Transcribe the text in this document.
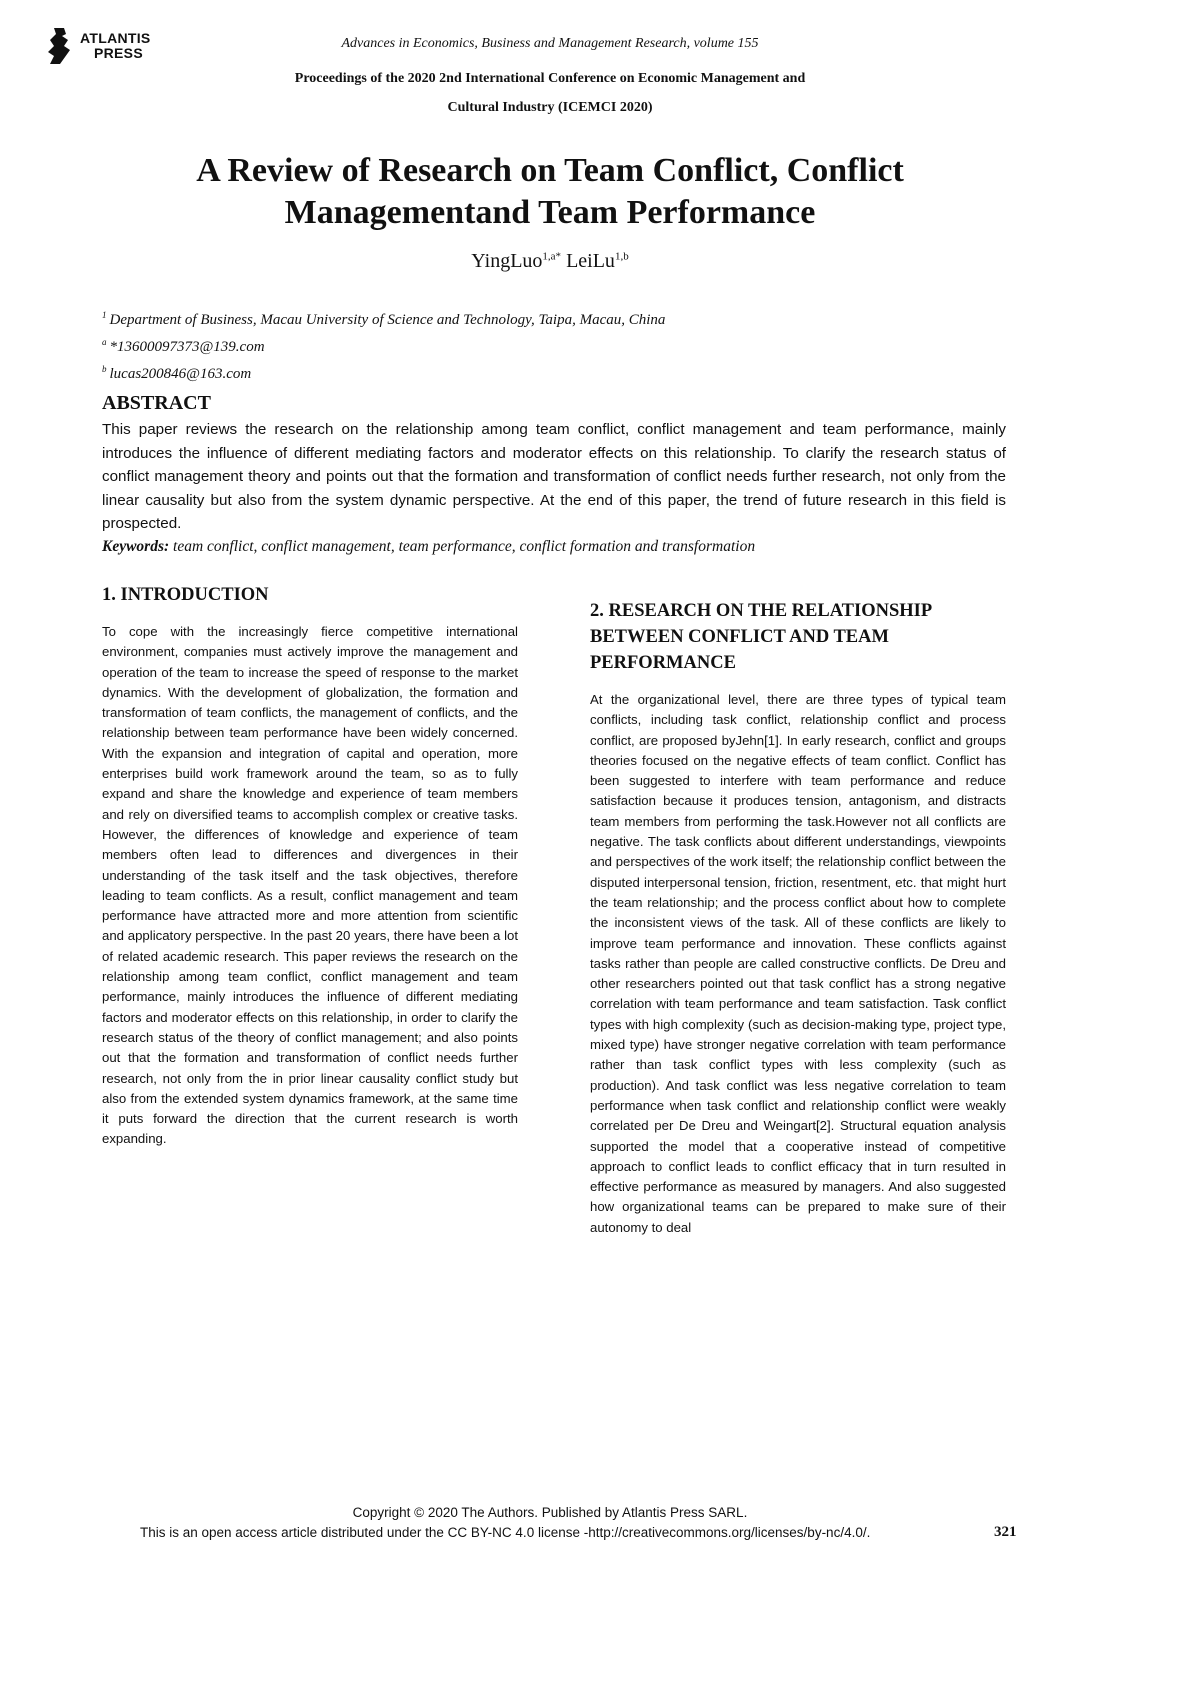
ATLANTIS
PRESS
Advances in Economics, Business and Management Research, volume 155
Proceedings of the 2020 2nd International Conference on Economic Management and
Cultural Industry (ICEMCI 2020)
A Review of Research on Team Conflict, Conflict
Managementand Team Performance
YingLuo$^{1,a*}$ LeiLu$^{1,b}$
$^1$ Department of Business, Macau University of Science and Technology, Taipa, Macau, China
$^a$ *13600097373@139.com
$^b$ lucas200846@163.com
ABSTRACT
This paper reviews the research on the relationship among team conflict, conflict management and team performance, mainly introduces the influence of different mediating factors and moderator effects on this relationship. To clarify the research status of conflict management theory and points out that the formation and transformation of conflict needs further research, not only from the linear causality but also from the system dynamic perspective. At the end of this paper, the trend of future research in this field is prospected.
Keywords: team conflict, conflict management, team performance, conflict formation and transformation
1. INTRODUCTION
To cope with the increasingly fierce competitive international environment, companies must actively improve the management and operation of the team to increase the speed of response to the market dynamics. With the development of globalization, the formation and transformation of team conflicts, the management of conflicts, and the relationship between team performance have been widely concerned. With the expansion and integration of capital and operation, more enterprises build work framework around the team, so as to fully expand and share the knowledge and experience of team members and rely on diversified teams to accomplish complex or creative tasks. However, the differences of knowledge and experience of team members often lead to differences and divergences in their understanding of the task itself and the task objectives, therefore leading to team conflicts. As a result, conflict management and team performance have attracted more and more attention from scientific and applicatory perspective. In the past 20 years, there have been a lot of related academic research. This paper reviews the research on the relationship among team conflict, conflict management and team performance, mainly introduces the influence of different mediating factors and moderator effects on this relationship, in order to clarify the research status of the theory of conflict management; and also points out that the formation and transformation of conflict needs further research, not only from the in prior linear causality conflict study but also from the extended system dynamics framework, at the same time it puts forward the direction that the current research is worth expanding.
2. RESEARCH ON THE RELATIONSHIP BETWEEN CONFLICT AND TEAM PERFORMANCE
At the organizational level, there are three types of typical team conflicts, including task conflict, relationship conflict and process conflict, are proposed byJehn[1]. In early research, conflict and groups theories focused on the negative effects of team conflict. Conflict has been suggested to interfere with team performance and reduce satisfaction because it produces tension, antagonism, and distracts team members from performing the task.However not all conflicts are negative. The task conflicts about different understandings, viewpoints and perspectives of the work itself; the relationship conflict between the disputed interpersonal tension, friction, resentment, etc. that might hurt the team relationship; and the process conflict about how to complete the inconsistent views of the task. All of these conflicts are likely to improve team performance and innovation. These conflicts against tasks rather than people are called constructive conflicts. De Dreu and other researchers pointed out that task conflict has a strong negative correlation with team performance and team satisfaction. Task conflict types with high complexity (such as decision-making type, project type, mixed type) have stronger negative correlation with team performance rather than task conflict types with less complexity (such as production). And task conflict was less negative correlation to team performance when task conflict and relationship conflict were weakly correlated per De Dreu and Weingart[2]. Structural equation analysis supported the model that a cooperative instead of competitive approach to conflict leads to conflict efficacy that in turn resulted in effective performance as measured by managers. And also suggested how organizational teams can be prepared to make sure of their autonomy to deal
Copyright © 2020 The Authors. Published by Atlantis Press SARL.
This is an open access article distributed under the CC BY-NC 4.0 license -http://creativecommons.org/licenses/by-nc/4.0/.	321
